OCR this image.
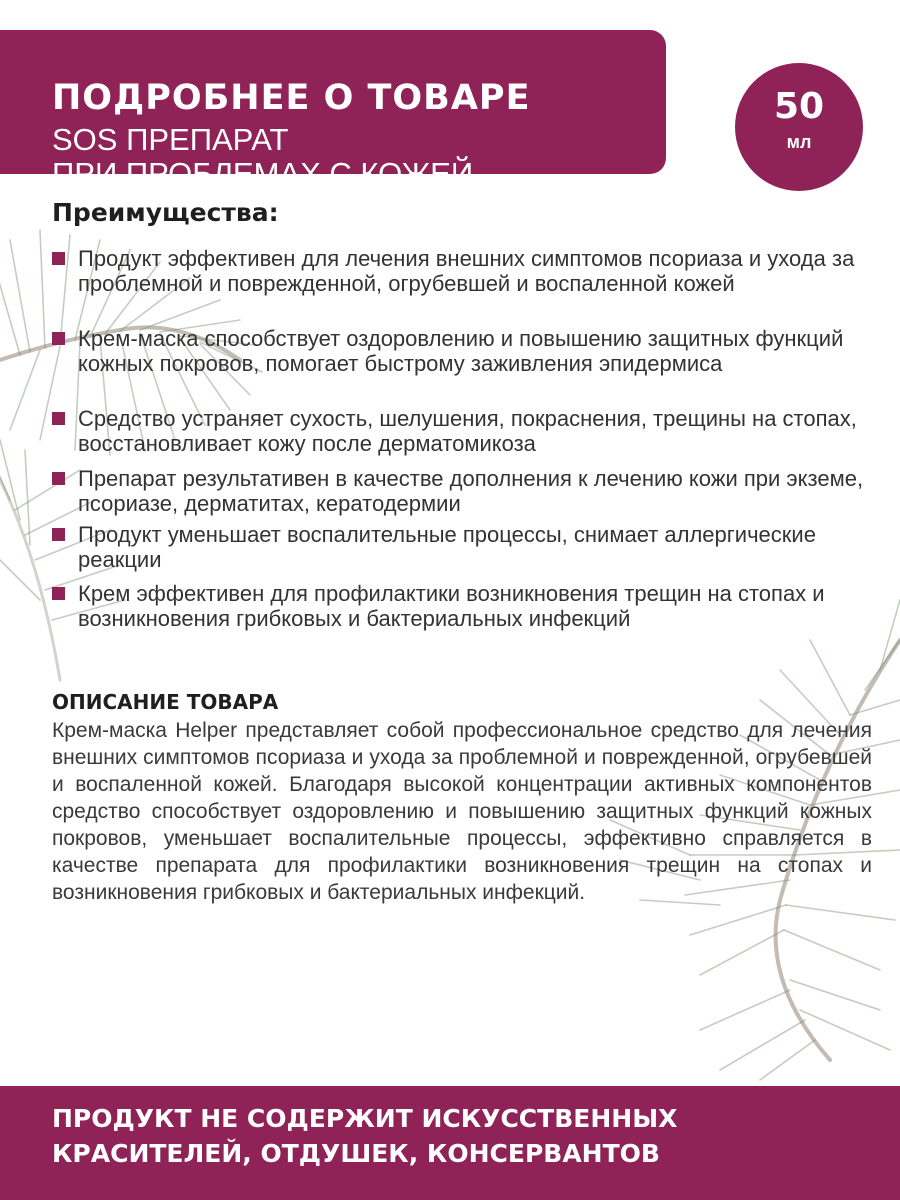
ПОДРОБНЕЕ О ТОВАРЕ
SOS ПРЕПАРАТ
ПРИ ПРОБЛЕМАХ С КОЖЕЙ
50
мл
Преимущества:
Продукт эффективен для лечения внешних симптомов псориаза и ухода за проблемной и поврежденной, огрубевшей и воспаленной кожей
Крем-маска способствует оздоровлению и повышению защитных функций кожных покровов, помогает быстрому заживления эпидермиса
Средство устраняет сухость, шелушения, покраснения, трещины на стопах, восстановливает кожу после дерматомикоза
Препарат результативен в качестве дополнения к лечению кожи при экземе, псориазе, дерматитах, кератодермии
Продукт уменьшает воспалительные процессы, снимает аллергические реакции
Крем эффективен для профилактики возникновения трещин на стопах и возникновения грибковых и бактериальных инфекций
ОПИСАНИЕ ТОВАРА
Крем-маска Helper представляет собой профессиональное средство для лечения внешних симптомов псориаза и ухода за проблемной и поврежденной, огрубевшей и воспаленной кожей. Благодаря высокой концентрации активных компонентов средство способствует оздоровлению и повышению защитных функций кожных покровов, уменьшает воспалительные процессы, эффективно справляется в качестве препарата для профилактики возникновения трещин на стопах и возникновения грибковых и бактериальных инфекций.
ПРОДУКТ НЕ СОДЕРЖИТ ИСКУССТВЕННЫХ
КРАСИТЕЛЕЙ, ОТДУШЕК, КОНСЕРВАНТОВ
